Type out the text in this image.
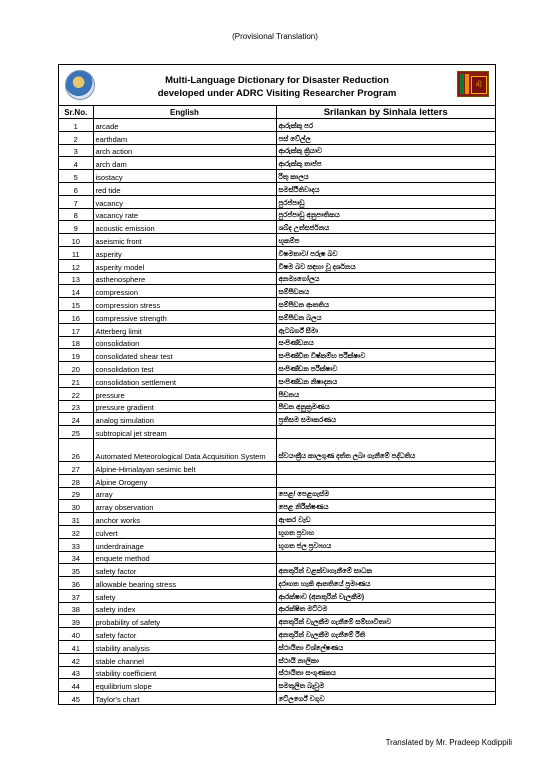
(Provisional Translation)
Multi-Language Dictionary for Disaster Reduction
developed under ADRC Visiting Researcher Program
♌
Sr.No.	English	Srilankan by Sinhala letters
1	arcade	ආරුක්කු පර
2	earthdam	පස් වේල්ල
3	arch action	ආරුක්කු ක්‍රියාව
4	arch dam	ආරුක්කු තාප්ප
5	isostacy	රිතු කාලය
6	red tide	සමස්ථිතිවාදය
7	vacancy	පුරප්පාඩු
8	vacancy rate	පුරප්පාඩු අනුපාතිකය
9	acoustic emission	ශබ්ද උත්සර්ජනය
10	aseismic front	භූකම්ප
11	asperity	විෂමතාව/ පරුෂ බව
12	asperity model	විෂම බව සඳහා වූ දර්ශනය
13	asthenosphere	අනම්‍යගෝලය
14	compression	සම්පීඩනය
15	compression stress	සම්පීඩන ආතතිය
16	compressive strength	සම්පීඩන බලය
17	Atterberg limit	ඇටබර්ග් සීමා
18	consolidation	සංපිණ්ඩනය
19	consolidated shear test	සංපිණ්ඩිත විෂ්කම්භ පරීක්ෂාව
20	consolidation test	සංපිණ්ඩන පරීක්ෂාව
21	consolidation settlement	සංපිණ්ඩන නිෂාදනය
22	pressure	පීඩනය
23	pressure gradient	පීඩන අනුක්‍රමණය
24	analog simulation	ප්‍රතිසම සමාකරණය
25	subtropical jet stream	
26	Automated Meteorological Data Acquisition System	ස්වයංක්‍රීය කාලගුණ දත්ත ලබා ගැනීමේ පද්ධතිය
27	Alpine-Himalayan sesimic belt	
28	Alpine Orogeny	
29	array	පෙළ/ පෙළගැස්ම
30	array observation	පෙළ නිරීක්ෂණය
31	anchor works	ඇංකර වැඩ
32	culvert	භූගත ප්‍රවාහ
33	underdrainage	භූගත ජල ප්‍රවාහය
34	enquete method	
35	safety factor	අනතුරින් වළක්වාගැනීමේ සාධක
36	allowable bearing stress	දරාගත හැකි ආතතියේ ප්‍රමාණය
37	safety	ආරක්ෂාව (අනතුරින් වැලකීම)
38	safety index	ආරක්ෂිත මට්ටම
39	probability of safety	අනතුරින් වැලකීම ගැනීමේ සම්භාවිතාව
40	safety factor	අනතුරින් වැලකීම ගැනීමේ රීති
41	stability analysis	ස්ථායිතා විශ්ලේෂණය
42	stable channel	ස්ථායී නාලිකා
43	stability coefficient	ස්ථායිතා සංගුණකය
44	equilibrium slope	සමතුලිත බෑවුම
45	Taylor's chart	ටේලර්ගේ වගුව
Translated by Mr. Pradeep Kodippili
